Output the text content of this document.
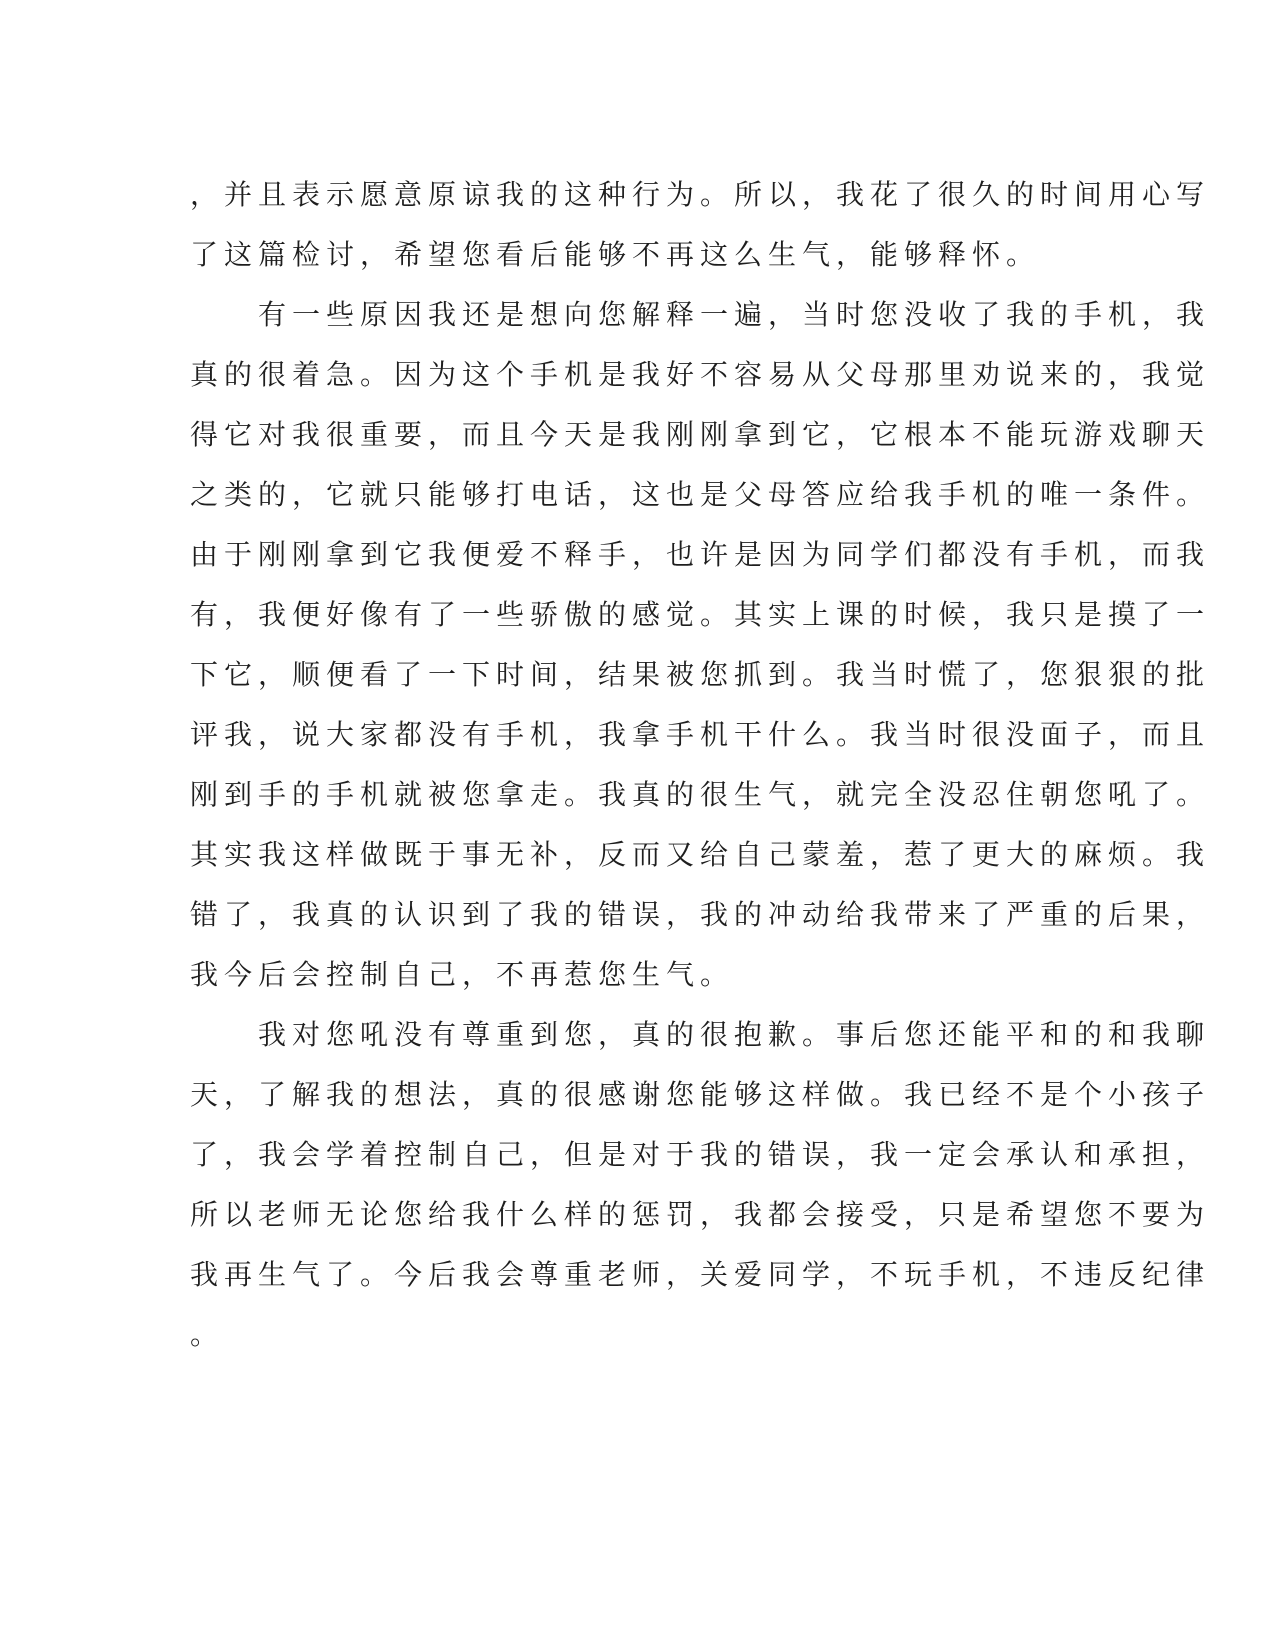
，并且表示愿意原谅我的这种行为。所以，我花了很久的时间用心写
了这篇检讨，希望您看后能够不再这么生气，能够释怀。
　　有一些原因我还是想向您解释一遍，当时您没收了我的手机，我
真的很着急。因为这个手机是我好不容易从父母那里劝说来的，我觉
得它对我很重要，而且今天是我刚刚拿到它，它根本不能玩游戏聊天
之类的，它就只能够打电话，这也是父母答应给我手机的唯一条件。
由于刚刚拿到它我便爱不释手，也许是因为同学们都没有手机，而我
有，我便好像有了一些骄傲的感觉。其实上课的时候，我只是摸了一
下它，顺便看了一下时间，结果被您抓到。我当时慌了，您狠狠的批
评我，说大家都没有手机，我拿手机干什么。我当时很没面子，而且
刚到手的手机就被您拿走。我真的很生气，就完全没忍住朝您吼了。
其实我这样做既于事无补，反而又给自己蒙羞，惹了更大的麻烦。我
错了，我真的认识到了我的错误，我的冲动给我带来了严重的后果，
我今后会控制自己，不再惹您生气。
　　我对您吼没有尊重到您，真的很抱歉。事后您还能平和的和我聊
天，了解我的想法，真的很感谢您能够这样做。我已经不是个小孩子
了，我会学着控制自己，但是对于我的错误，我一定会承认和承担，
所以老师无论您给我什么样的惩罚，我都会接受，只是希望您不要为
我再生气了。今后我会尊重老师，关爱同学，不玩手机，不违反纪律
。
